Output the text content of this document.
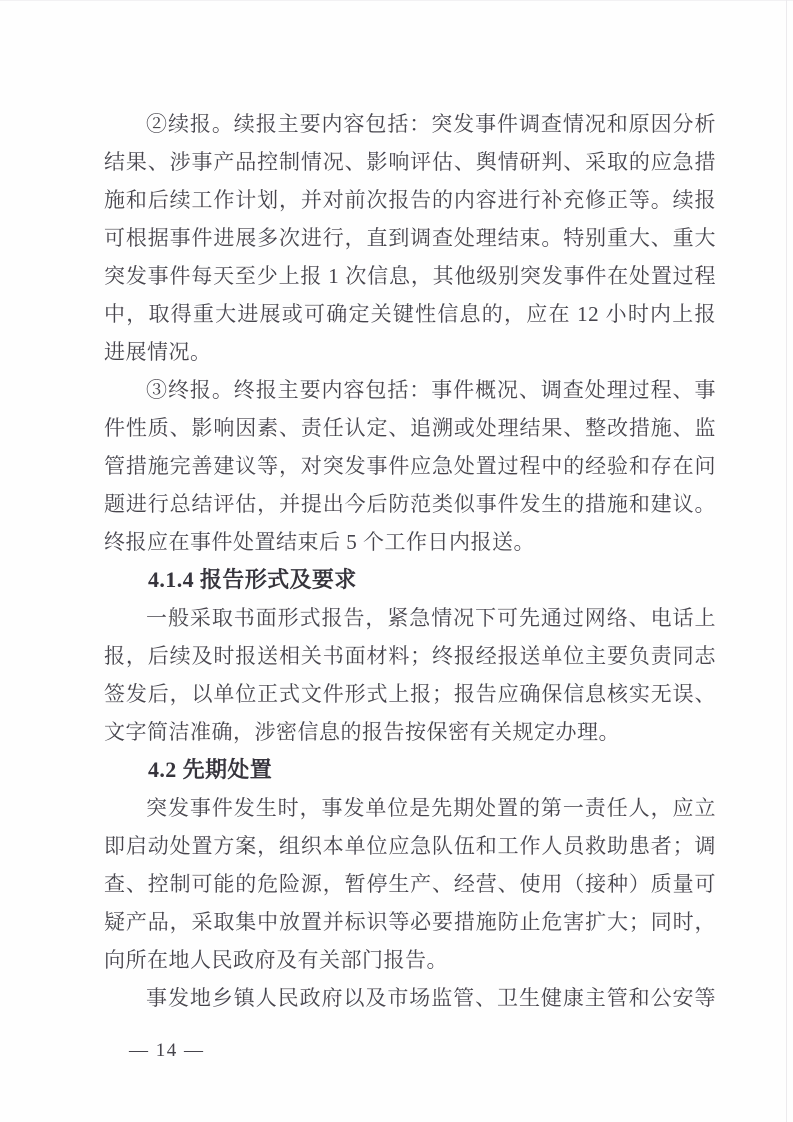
②续报。续报主要内容包括：突发事件调查情况和原因分析
结果、涉事产品控制情况、影响评估、舆情研判、采取的应急措
施和后续工作计划，并对前次报告的内容进行补充修正等。续报
可根据事件进展多次进行，直到调查处理结束。特别重大、重大
突发事件每天至少上报 1 次信息，其他级别突发事件在处置过程
中，取得重大进展或可确定关键性信息的，应在 12 小时内上报
进展情况。
③终报。终报主要内容包括：事件概况、调查处理过程、事
件性质、影响因素、责任认定、追溯或处理结果、整改措施、监
管措施完善建议等，对突发事件应急处置过程中的经验和存在问
题进行总结评估，并提出今后防范类似事件发生的措施和建议。
终报应在事件处置结束后 5 个工作日内报送。
4.1.4 报告形式及要求
一般采取书面形式报告，紧急情况下可先通过网络、电话上
报，后续及时报送相关书面材料；终报经报送单位主要负责同志
签发后，以单位正式文件形式上报；报告应确保信息核实无误、
文字简洁准确，涉密信息的报告按保密有关规定办理。
4.2 先期处置
突发事件发生时，事发单位是先期处置的第一责任人，应立
即启动处置方案，组织本单位应急队伍和工作人员救助患者；调
查、控制可能的危险源，暂停生产、经营、使用（接种）质量可
疑产品，采取集中放置并标识等必要措施防止危害扩大；同时，
向所在地人民政府及有关部门报告。
事发地乡镇人民政府以及市场监管、卫生健康主管和公安等
— 14 —
